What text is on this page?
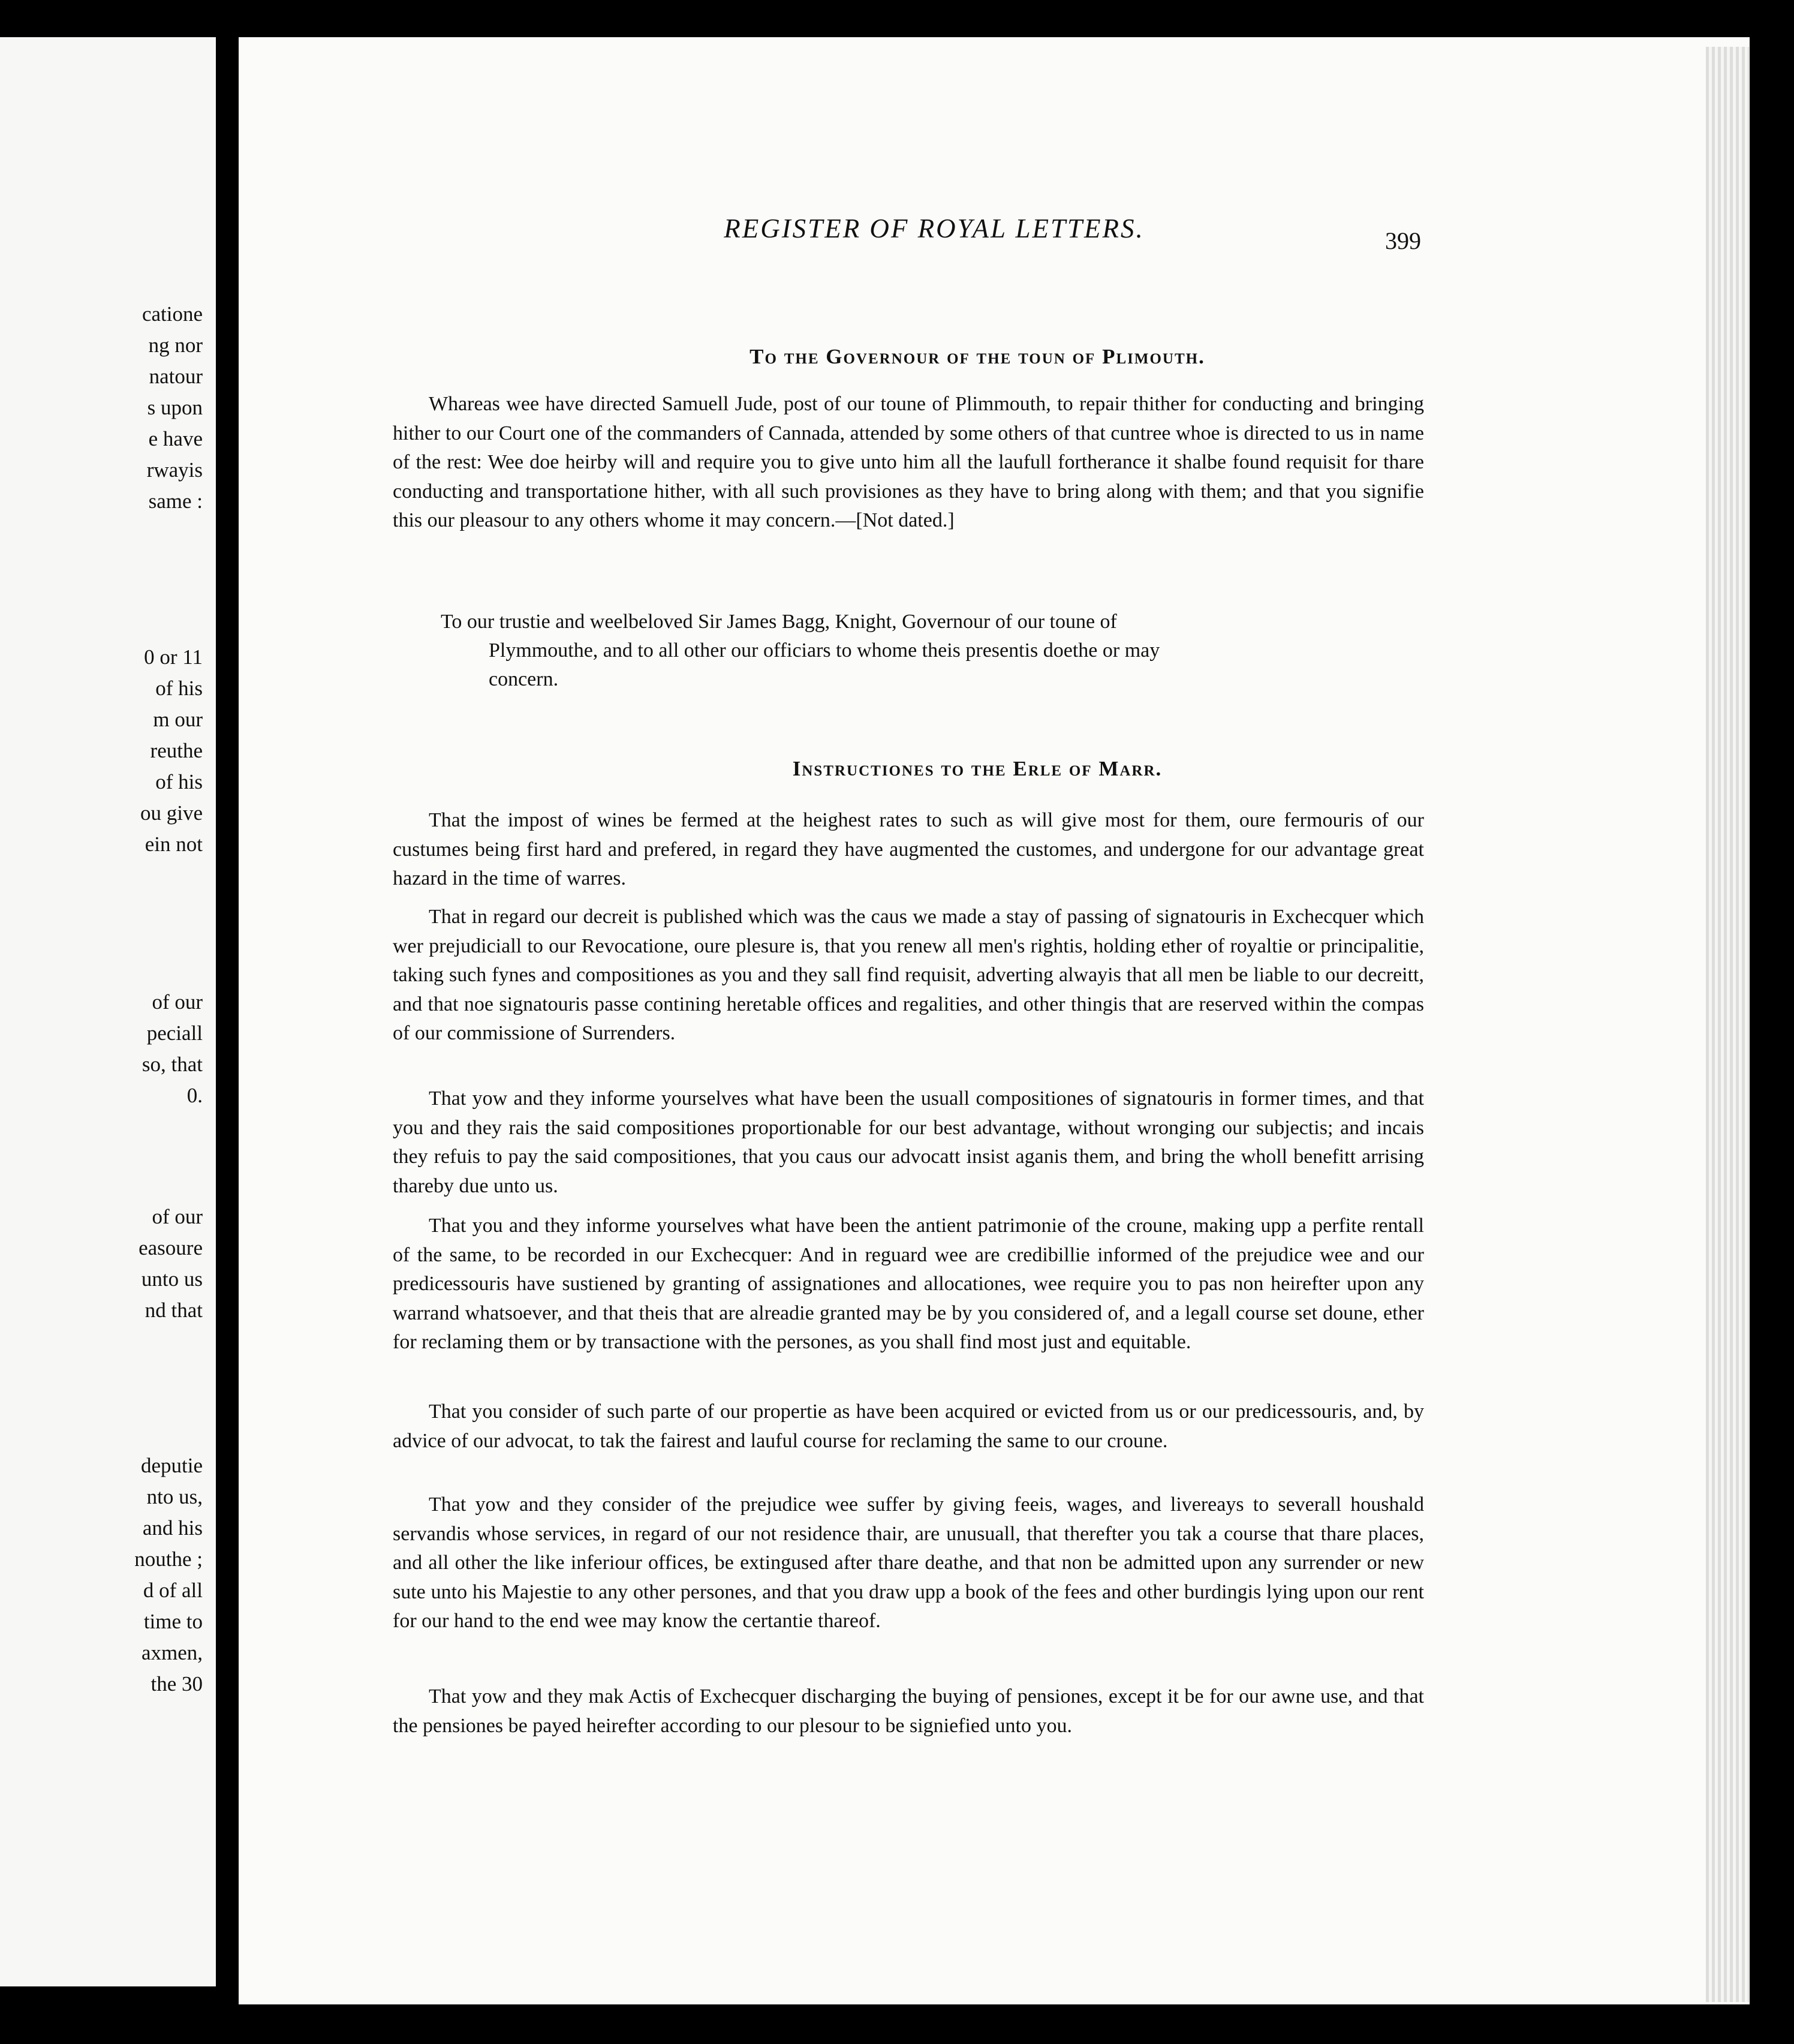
cationе
ng nor
natour
s upon
e have
rwayis
same :
0 or 11
of his
m our
reuthe
of his
ou give
ein not
of our
peciall
so, that
0.
of our
easoure
unto us
nd that
deputie
nto us,
and his
nouthe ;
d of all
time to
axmen,
the 30
REGISTER OF ROYAL LETTERS.	399
To the Governour of the toun of Plimouth.
Whareas wee have directed Samuell Jude, post of our toune of Plimmouth, to repair thither for conducting and bringing hither to our Court one of the commanders of Cannada, attended by some others of that cuntree whoe is directed to us in name of the rest: Wee doe heirby will and require you to give unto him all the laufull fortherance it shalbe found requisit for thare conducting and transportatione hither, with all such provisiones as they have to bring along with them; and that you signifie this our pleasour to any others whome it may concern.—[Not dated.]
To our trustie and weelbeloved Sir James Bagg, Knight, Governour of our toune of Plymmouthe, and to all other our officiars to whome theis presentis doethe or may concern.
Instructiones to the Erle of Marr.
That the impost of wines be fermed at the heighest rates to such as will give most for them, oure fermouris of our custumes being first hard and prefered, in regard they have augmented the customes, and undergone for our advantage great hazard in the time of warres.
That in regard our decreit is published which was the caus we made a stay of passing of signatouris in Exchecquer which wer prejudiciall to our Revocatione, oure plesure is, that you renew all men's rightis, holding ether of royaltie or principalitie, taking such fynes and compositiones as you and they sall find requisit, adverting alwayis that all men be liable to our decreitt, and that noe signatouris passe contining heretable offices and regalities, and other thingis that are reserved within the compas of our commissione of Surrenders.
That yow and they informe yourselves what have been the usuall compositiones of signatouris in former times, and that you and they rais the said compositiones proportionable for our best advantage, without wronging our subjectis; and incais they refuis to pay the said compositiones, that you caus our advocatt insist aganis them, and bring the wholl benefitt arrising thareby due unto us.
That you and they informe yourselves what have been the antient patrimonie of the croune, making upp a perfite rentall of the same, to be recorded in our Exchecquer: And in reguard wee are credibillie informed of the prejudice wee and our predicessouris have sustiened by granting of assignationes and allocationes, wee require you to pas non heirefter upon any warrand whatsoever, and that theis that are alreadie granted may be by you considered of, and a legall course set doune, ether for reclaming them or by transactione with the persones, as you shall find most just and equitable.
That you consider of such parte of our propertie as have been acquired or evicted from us or our predicessouris, and, by advice of our advocat, to tak the fairest and lauful course for reclaming the same to our croune.
That yow and they consider of the prejudice wee suffer by giving feeis, wages, and livereays to severall houshald servandis whose services, in regard of our not residence thair, are unusuall, that therefter you tak a course that thare places, and all other the like inferiour offices, be extingused after thare deathe, and that non be admitted upon any surrender or new sute unto his Majestie to any other persones, and that you draw upp a book of the fees and other burdingis lying upon our rent for our hand to the end wee may know the certantie thareof.
That yow and they mak Actis of Exchecquer discharging the buying of pensiones, except it be for our awne use, and that the pensiones be payed heirefter according to our plesour to be signiefied unto you.
